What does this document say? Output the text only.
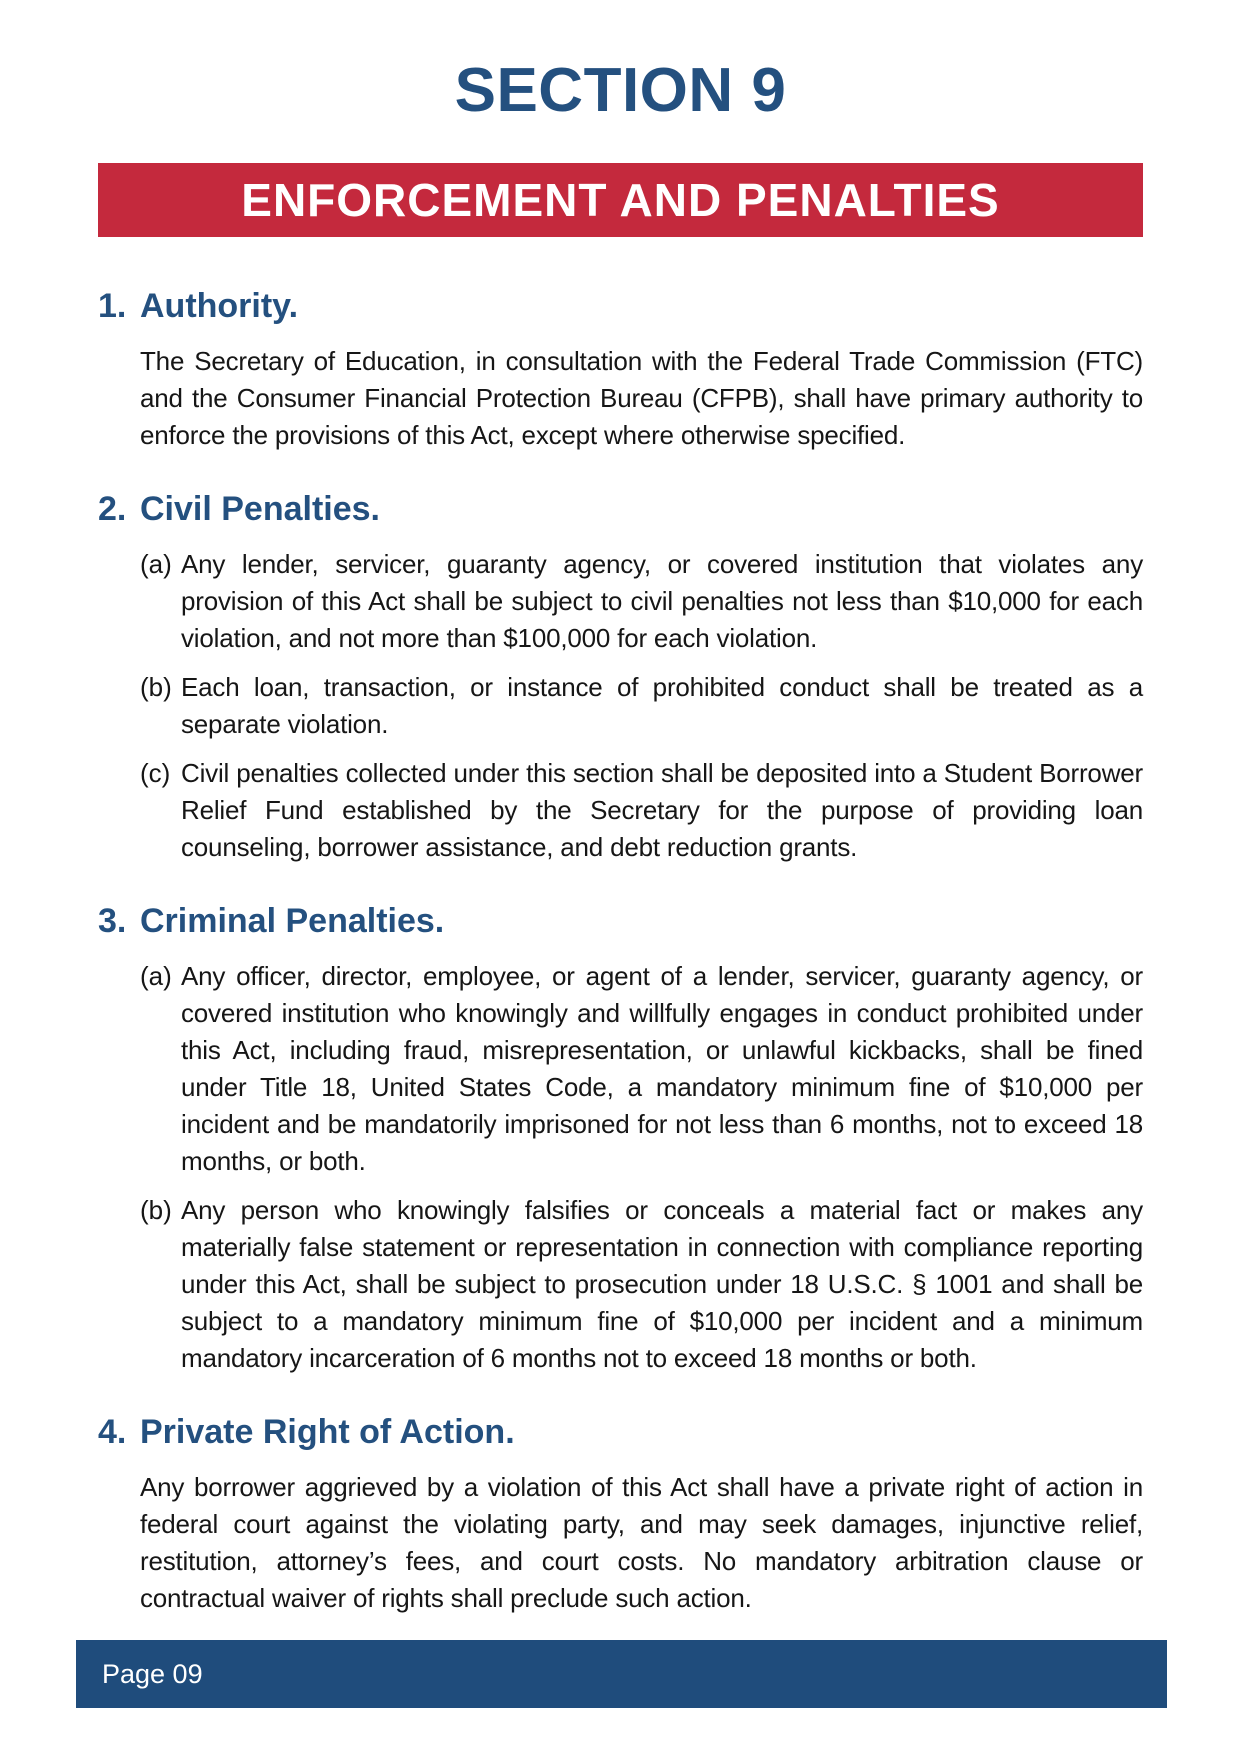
SECTION 9
ENFORCEMENT AND PENALTIES
1. Authority.

The Secretary of Education, in consultation with the Federal Trade Commission (FTC) and the Consumer Financial Protection Bureau (CFPB), shall have primary authority to enforce the provisions of this Act, except where otherwise specified.

2. Civil Penalties.
(a) Any lender, servicer, guaranty agency, or covered institution that violates any provision of this Act shall be subject to civil penalties not less than $10,000 for each violation, and not more than $100,000 for each violation.

(b) Each loan, transaction, or instance of prohibited conduct shall be treated as a separate violation.

(c) Civil penalties collected under this section shall be deposited into a Student Borrower Relief Fund established by the Secretary for the purpose of providing loan counseling, borrower assistance, and debt reduction grants.

3. Criminal Penalties.
(a) Any officer, director, employee, or agent of a lender, servicer, guaranty agency, or covered institution who knowingly and willfully engages in conduct prohibited under this Act, including fraud, misrepresentation, or unlawful kickbacks, shall be fined under Title 18, United States Code, a mandatory minimum fine of $10,000 per incident and be mandatorily imprisoned for not less than 6 months, not to exceed 18 months, or both.

(b) Any person who knowingly falsifies or conceals a material fact or makes any materially false statement or representation in connection with compliance reporting under this Act, shall be subject to prosecution under 18 U.S.C. § 1001 and shall be subject to a mandatory minimum fine of $10,000 per incident and a minimum mandatory incarceration of 6 months not to exceed 18 months or both.

4. Private Right of Action.

Any borrower aggrieved by a violation of this Act shall have a private right of action in federal court against the violating party, and may seek damages, injunctive relief, restitution, attorney’s fees, and court costs. No mandatory arbitration clause or contractual waiver of rights shall preclude such action.

Page 09
